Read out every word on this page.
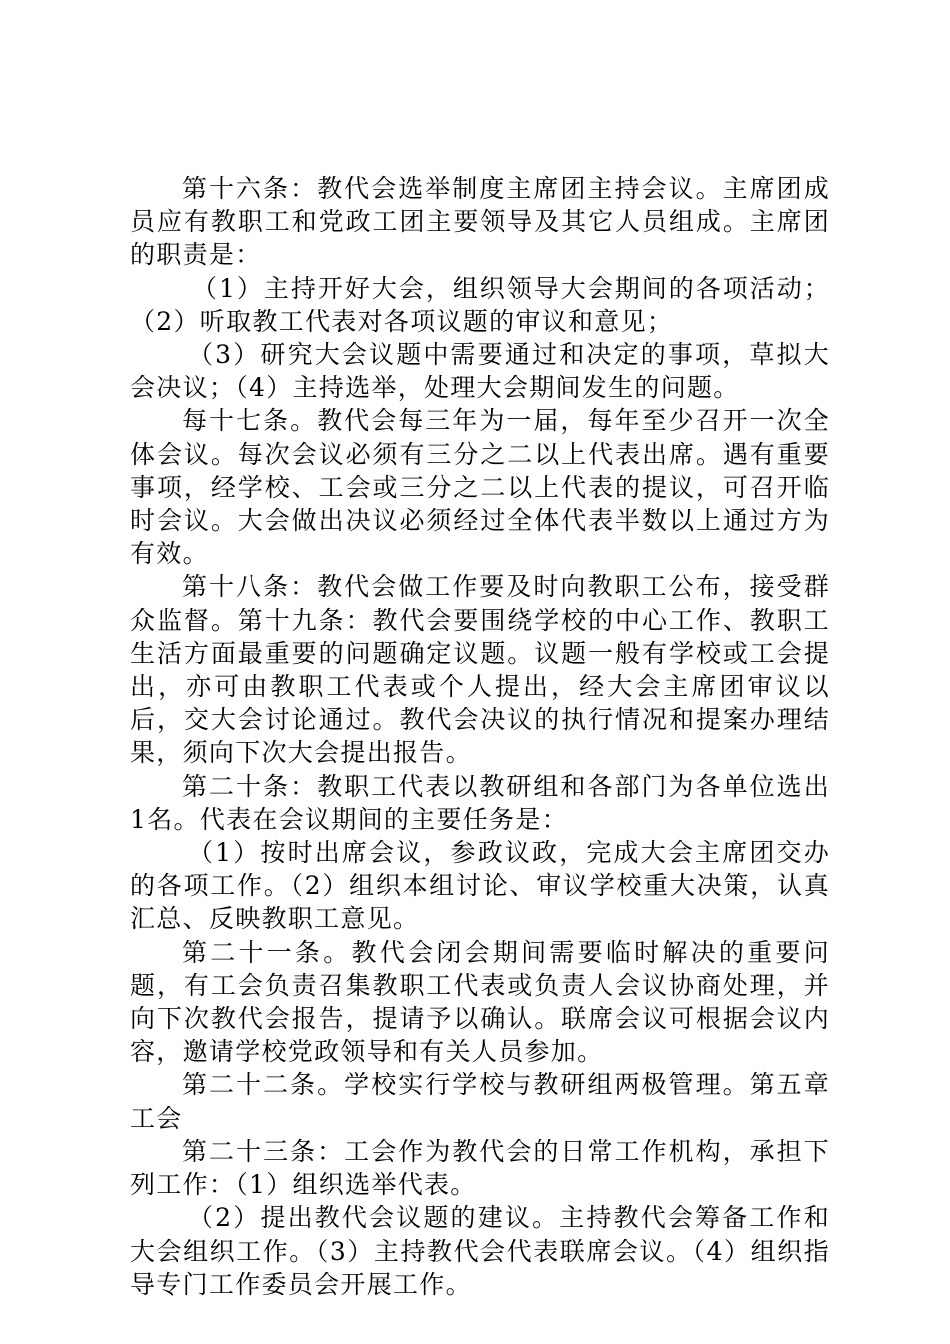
第十六条：教代会选举制度主席团主持会议。主席团成员应有教职工和党政工团主要领导及其它人员组成。主席团的职责是：

（1）主持开好大会，组织领导大会期间的各项活动；（2）听取教工代表对各项议题的审议和意见；

（3）研究大会议题中需要通过和决定的事项，草拟大会决议；（4）主持选举，处理大会期间发生的问题。

每十七条。教代会每三年为一届，每年至少召开一次全体会议。每次会议必须有三分之二以上代表出席。遇有重要事项，经学校、工会或三分之二以上代表的提议，可召开临时会议。大会做出决议必须经过全体代表半数以上通过方为有效。

第十八条：教代会做工作要及时向教职工公布，接受群众监督。第十九条：教代会要围绕学校的中心工作、教职工生活方面最重要的问题确定议题。议题一般有学校或工会提出，亦可由教职工代表或个人提出，经大会主席团审议以后，交大会讨论通过。教代会决议的执行情况和提案办理结果，须向下次大会提出报告。

第二十条：教职工代表以教研组和各部门为各单位选出1名。代表在会议期间的主要任务是：

（1）按时出席会议，参政议政，完成大会主席团交办的各项工作。（2）组织本组讨论、审议学校重大决策，认真汇总、反映教职工意见。

第二十一条。教代会闭会期间需要临时解决的重要问题，有工会负责召集教职工代表或负责人会议协商处理，并向下次教代会报告，提请予以确认。联席会议可根据会议内容，邀请学校党政领导和有关人员参加。

第二十二条。学校实行学校与教研组两极管理。第五章工会

第二十三条：工会作为教代会的日常工作机构，承担下列工作：（1）组织选举代表。

（2）提出教代会议题的建议。主持教代会筹备工作和大会组织工作。（3）主持教代会代表联席会议。（4）组织指导专门工作委员会开展工作。
